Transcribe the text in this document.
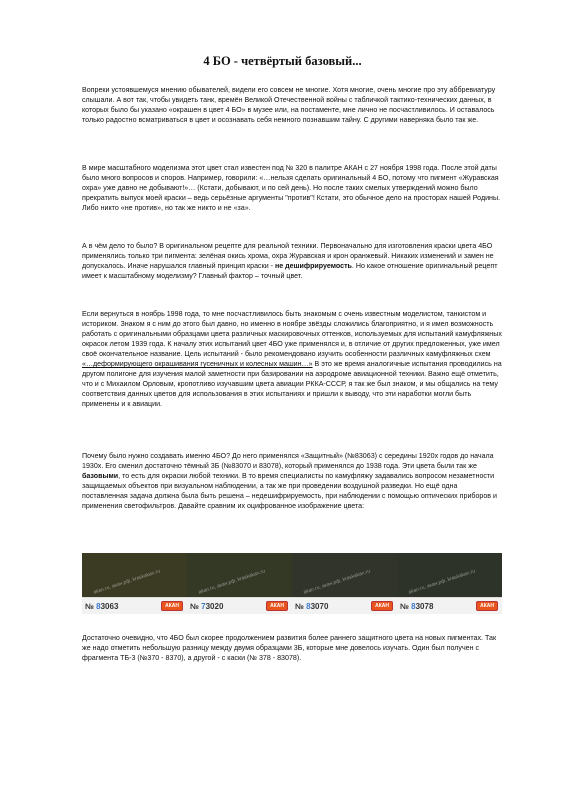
4 БО - четвёртый базовый...

Вопреки устоявшемуся мнению обывателей, видели его совсем не многие. Хотя многие, очень многие про эту аббревиатуру слышали. А вот так, чтобы увидеть танк, времён Великой Отечественной войны с табличкой тактико-технических данных, в которых было бы указано «окрашен в цвет 4 БО» в музее или, на постаменте, мне лично не посчастливилось. И оставалось только радостно всматриваться в цвет и осознавать себя немного познавшим тайну. С другими наверняка было так же.

В мире масштабного моделизма этот цвет стал известен под № 320 в палитре АКАН с 27 ноября 1998 года. После этой даты было много вопросов и споров. Например, говорили: «…нельзя сделать оригинальный 4 БО, потому что пигмент «Журавская охра» уже давно не добывают!»… (Кстати, добывают, и по сей день). Но после таких смелых утверждений можно было прекратить выпуск моей краски – ведь серьёзные аргументы "против"! Кстати, это обычное дело на просторах нашей Родины. Либо никто «не против», но так же никто и не «за».

А в чём дело то было? В оригинальном рецепте для реальной техники. Первоначально для изготовления краски цвета 4БО применялись только три пигмента: зелёная окись хрома, охра Журавская и крон оранжевый. Никаких изменений и замен не допускалось. Иначе нарушался главный принцип краски - не дешифрируемость. Но какое отношение оригинальный рецепт имеет к масштабному моделизму? Главный фактор – точный цвет.

Если вернуться в ноябрь 1998 года, то мне посчастливилось быть знакомым с очень известным моделистом, танкистом и историком. Знаком я с ним до этого был давно, но именно в ноябре звёзды сложились благоприятно, и я имел возможность работать с оригинальными образцами цвета различных маскировочных оттенков, используемых для испытаний камуфляжных окрасок летом 1939 года. К началу этих испытаний цвет 4БО уже применялся и, в отличие от других предложенных, уже имел своё окончательное название. Цель испытаний - было рекомендовано изучить особенности различных камуфляжных схем «…деформирующего окрашивания гусеничных и колесных машин…» В это же время аналогичные испытания проводились на другом полигоне для изучения малой заметности при базировании на аэродроме авиационной техники. Важно ещё отметить, что и с Михаилом Орловым, кропотливо изучавшим цвета авиации РККА-СССР, я так же был знаком, и мы общались на тему соответствия данных цветов для использования в этих испытаниях и пришли к выводу, что эти наработки могли быть применены и к авиации.

Почему было нужно создавать именно 4БО? До него применялся «Защитный» (№83063) с середины 1920х годов до начала 1930х. Его сменил достаточно тёмный 3Б (№83070 и 83078), который применялся до 1938 года. Эти цвета были так же базовыми, то есть для окраски любой техники. В то время специалисты по камуфляжу задавались вопросом незаметности защищаемых объектов при визуальном наблюдении, а так же при проведении воздушной разведки. Но ещё одна поставленная задача должна была быть решена – недешифрируемость, при наблюдении с помощью оптических приборов и применения светофильтров. Давайте сравним их оцифрованное изображение цвета:

akan.ru, акан.рф, kraskakan.ru
№ 83063	АКАН
akan.ru, акан.рф, kraskakan.ru
№ 73020	АКАН
akan.ru, акан.рф, kraskakan.ru
№ 83070	АКАН
akan.ru, акан.рф, kraskakan.ru
№ 83078	АКАН

Достаточно очевидно, что 4БО был скорее продолжением развития более раннего защитного цвета на новых пигментах. Так же надо отметить небольшую разницу между двумя образцами 3Б, которые мне довелось изучать. Один был получен с фрагмента ТБ-3 (№370 - 8370), а другой - с каски (№ 378 - 83078).
